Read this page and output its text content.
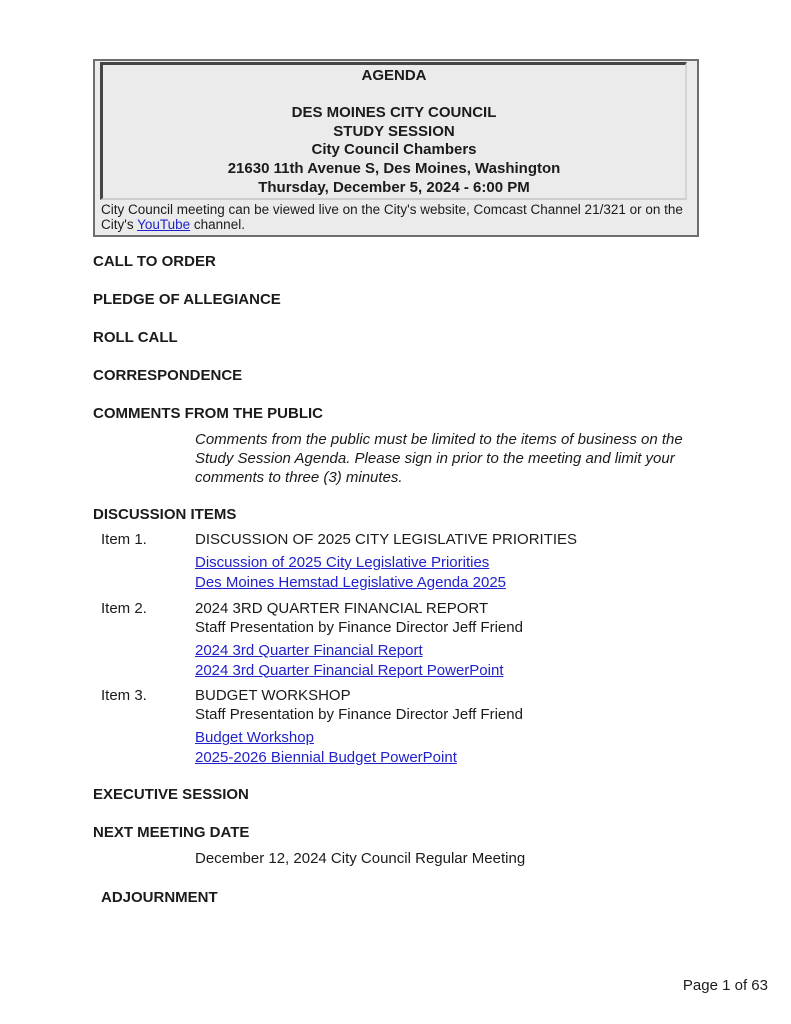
AGENDA
DES MOINES CITY COUNCIL
STUDY SESSION
City Council Chambers
21630 11th Avenue S, Des Moines, Washington
Thursday, December 5, 2024 - 6:00 PM
City Council meeting can be viewed live on the City's website, Comcast Channel 21/321 or on the City's YouTube channel.
CALL TO ORDER
PLEDGE OF ALLEGIANCE
ROLL CALL
CORRESPONDENCE
COMMENTS FROM THE PUBLIC
Comments from the public must be limited to the items of business on the Study Session Agenda. Please sign in prior to the meeting and limit your comments to three (3) minutes.
DISCUSSION ITEMS
Item 1.	DISCUSSION OF 2025 CITY LEGISLATIVE PRIORITIES
Discussion of 2025 City Legislative Priorities
Des Moines Hemstad Legislative Agenda 2025
Item 2.	2024 3RD QUARTER FINANCIAL REPORT
Staff Presentation by Finance Director Jeff Friend
2024 3rd Quarter Financial Report
2024 3rd Quarter Financial Report PowerPoint
Item 3.	BUDGET WORKSHOP
Staff Presentation by Finance Director Jeff Friend
Budget Workshop
2025-2026 Biennial Budget PowerPoint
EXECUTIVE SESSION
NEXT MEETING DATE
December 12, 2024 City Council Regular Meeting
ADJOURNMENT
Page 1 of 63
